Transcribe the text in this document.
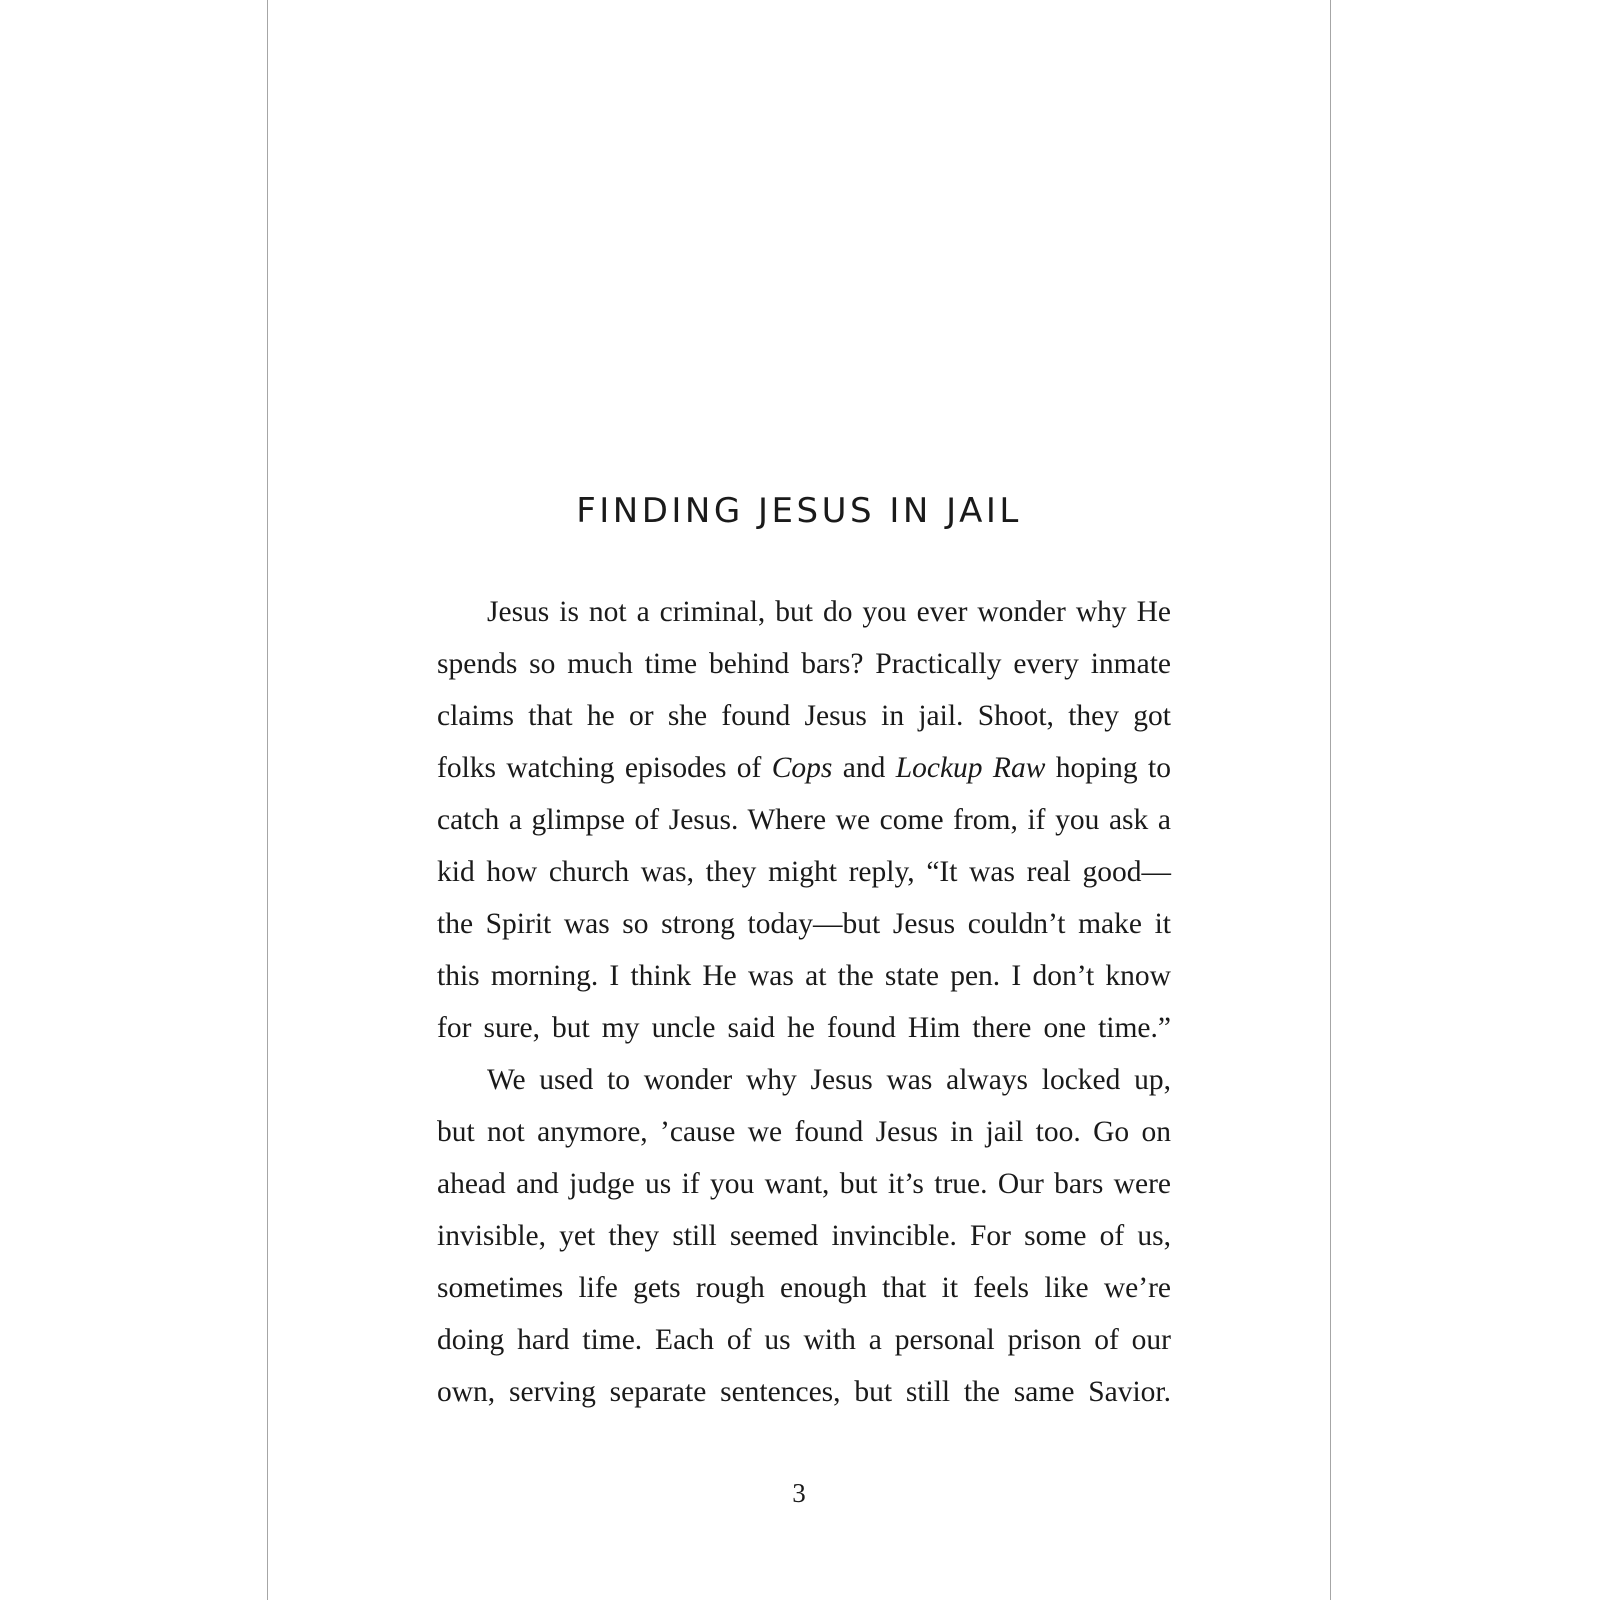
FINDING JESUS IN JAIL
Jesus is not a criminal, but do you ever wonder why He
spends so much time behind bars? Practically every inmate
claims that he or she found Jesus in jail. Shoot, they got
folks watching episodes of Cops and Lockup Raw hoping to
catch a glimpse of Jesus. Where we come from, if you ask a
kid how church was, they might reply, “It was real good—
the Spirit was so strong today—but Jesus couldn’t make it
this morning. I think He was at the state pen. I don’t know
for sure, but my uncle said he found Him there one time.”
We used to wonder why Jesus was always locked up,
but not anymore, ’cause we found Jesus in jail too. Go on
ahead and judge us if you want, but it’s true. Our bars were
invisible, yet they still seemed invincible. For some of us,
sometimes life gets rough enough that it feels like we’re
doing hard time. Each of us with a personal prison of our
own, serving separate sentences, but still the same Savior.
3
